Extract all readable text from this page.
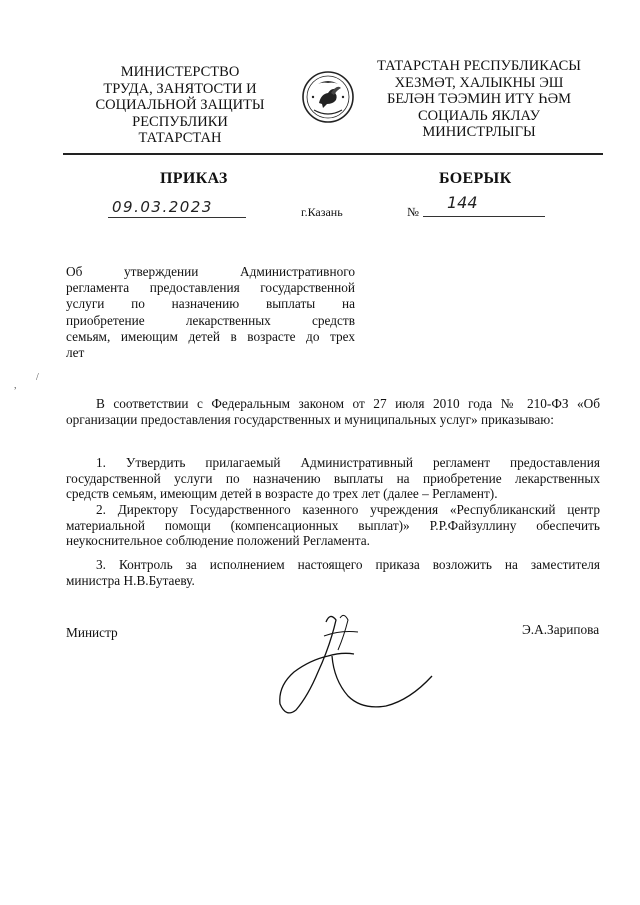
МИНИСТЕРСТВО
ТРУДА, ЗАНЯТОСТИ И
СОЦИАЛЬНОЙ ЗАЩИТЫ
РЕСПУБЛИКИ
ТАТАРСТАН
ТАТАРСТАН РЕСПУБЛИКАСЫ
ХЕЗМӘТ, ХАЛЫКНЫ ЭШ
БЕЛӘН ТӘЭМИН ИТҮ ҺӘМ
СОЦИАЛЬ ЯКЛАУ
МИНИСТРЛЫГЫ
ПРИКАЗ	БОЕРЫК
09.03.2023	г.Казань	№ 144
Об утверждении Административного
регламента предоставления государственной
услуги по назначению выплаты на
приобретение лекарственных средств
семьям, имеющим детей в возрасте до трех
лет
В соответствии с Федеральным законом от 27 июля 2010 года № 210-ФЗ «Об
организации предоставления государственных и муниципальных услуг» приказываю:
1. Утвердить прилагаемый Административный регламент предоставления
государственной услуги по назначению выплаты на приобретение лекарственных
средств семьям, имеющим детей в возрасте до трех лет (далее – Регламент).
2. Директору Государственного казенного учреждения «Республиканский центр
материальной помощи (компенсационных выплат)» Р.Р.Файзуллину обеспечить
неукоснительное соблюдение положений Регламента.
3. Контроль за исполнением настоящего приказа возложить на заместителя
министра Н.В.Бутаеву.
Министр	Э.А.Зарипова
/
,
